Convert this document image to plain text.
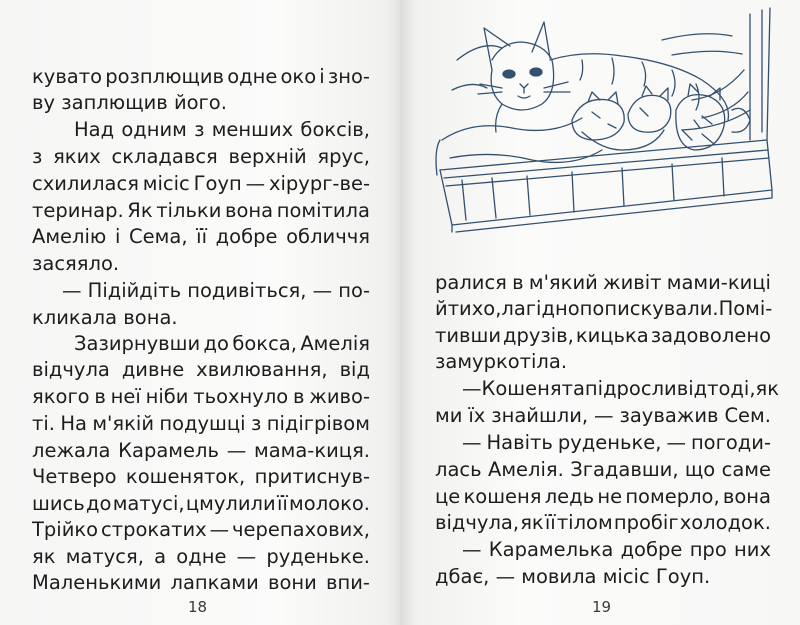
кувато розплющив одне око і зно-
ву заплющив його.
Над одним з менших боксів,
з яких складався верхній ярус,
схилилася місіс Гоуп — хірург-ве-
теринар. Як тільки вона помітила
Амелію і Сема, її добре обличчя
засяяло.
— Підійдіть подивіться, — по-
кликала вона.
Зазирнувши до бокса, Амелія
відчула дивне хвилювання, від
якого в неї ніби тьохнуло в живо-
ті. На м'якій подушці з підігрівом
лежала Карамель — мама-киця.
Четверо кошеняток, притиснув-
шись до матусі, цмулили її молоко.
Трійко строкатих — черепахових,
як матуся, а одне — руденьке.
Маленькими лапками вони впи-
18
ралися в м'який живіт мами-киці
й тихо, лагідно попискували. Помі-
тивши друзів, кицька задоволено
замуркотіла.
— Кошенята підросли відтоді, як
ми їх знайшли, — зауважив Сем.
— Навіть руденьке, — погоди-
лась Амелія. Згадавши, що саме
це кошеня ледь не померло, вона
відчула, як її тілом пробіг холодок.
— Карамелька добре про них
дбає, — мовила місіс Гоуп.
19
